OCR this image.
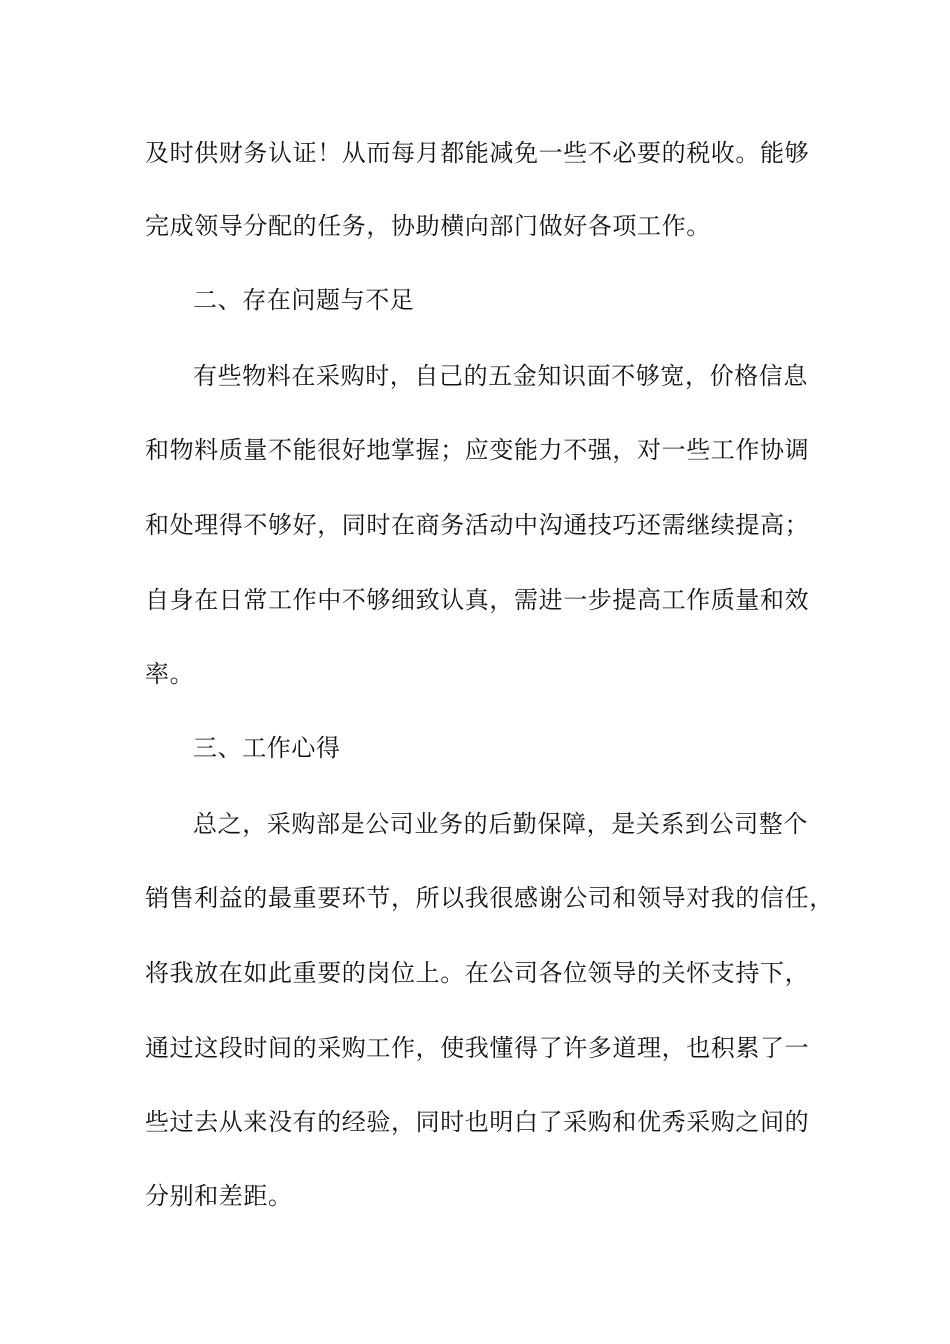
及时供财务认证！从而每月都能减免一些不必要的税收。能够
完成领导分配的任务，协助横向部门做好各项工作。
二、存在问题与不足
有些物料在采购时，自己的五金知识面不够宽，价格信息
和物料质量不能很好地掌握；应变能力不强，对一些工作协调
和处理得不够好，同时在商务活动中沟通技巧还需继续提高；
自身在日常工作中不够细致认真，需进一步提高工作质量和效
率。
三、工作心得
总之，采购部是公司业务的后勤保障，是关系到公司整个
销售利益的最重要环节，所以我很感谢公司和领导对我的信任，
将我放在如此重要的岗位上。在公司各位领导的关怀支持下，
通过这段时间的采购工作，使我懂得了许多道理，也积累了一
些过去从来没有的经验，同时也明白了采购和优秀采购之间的
分别和差距。
